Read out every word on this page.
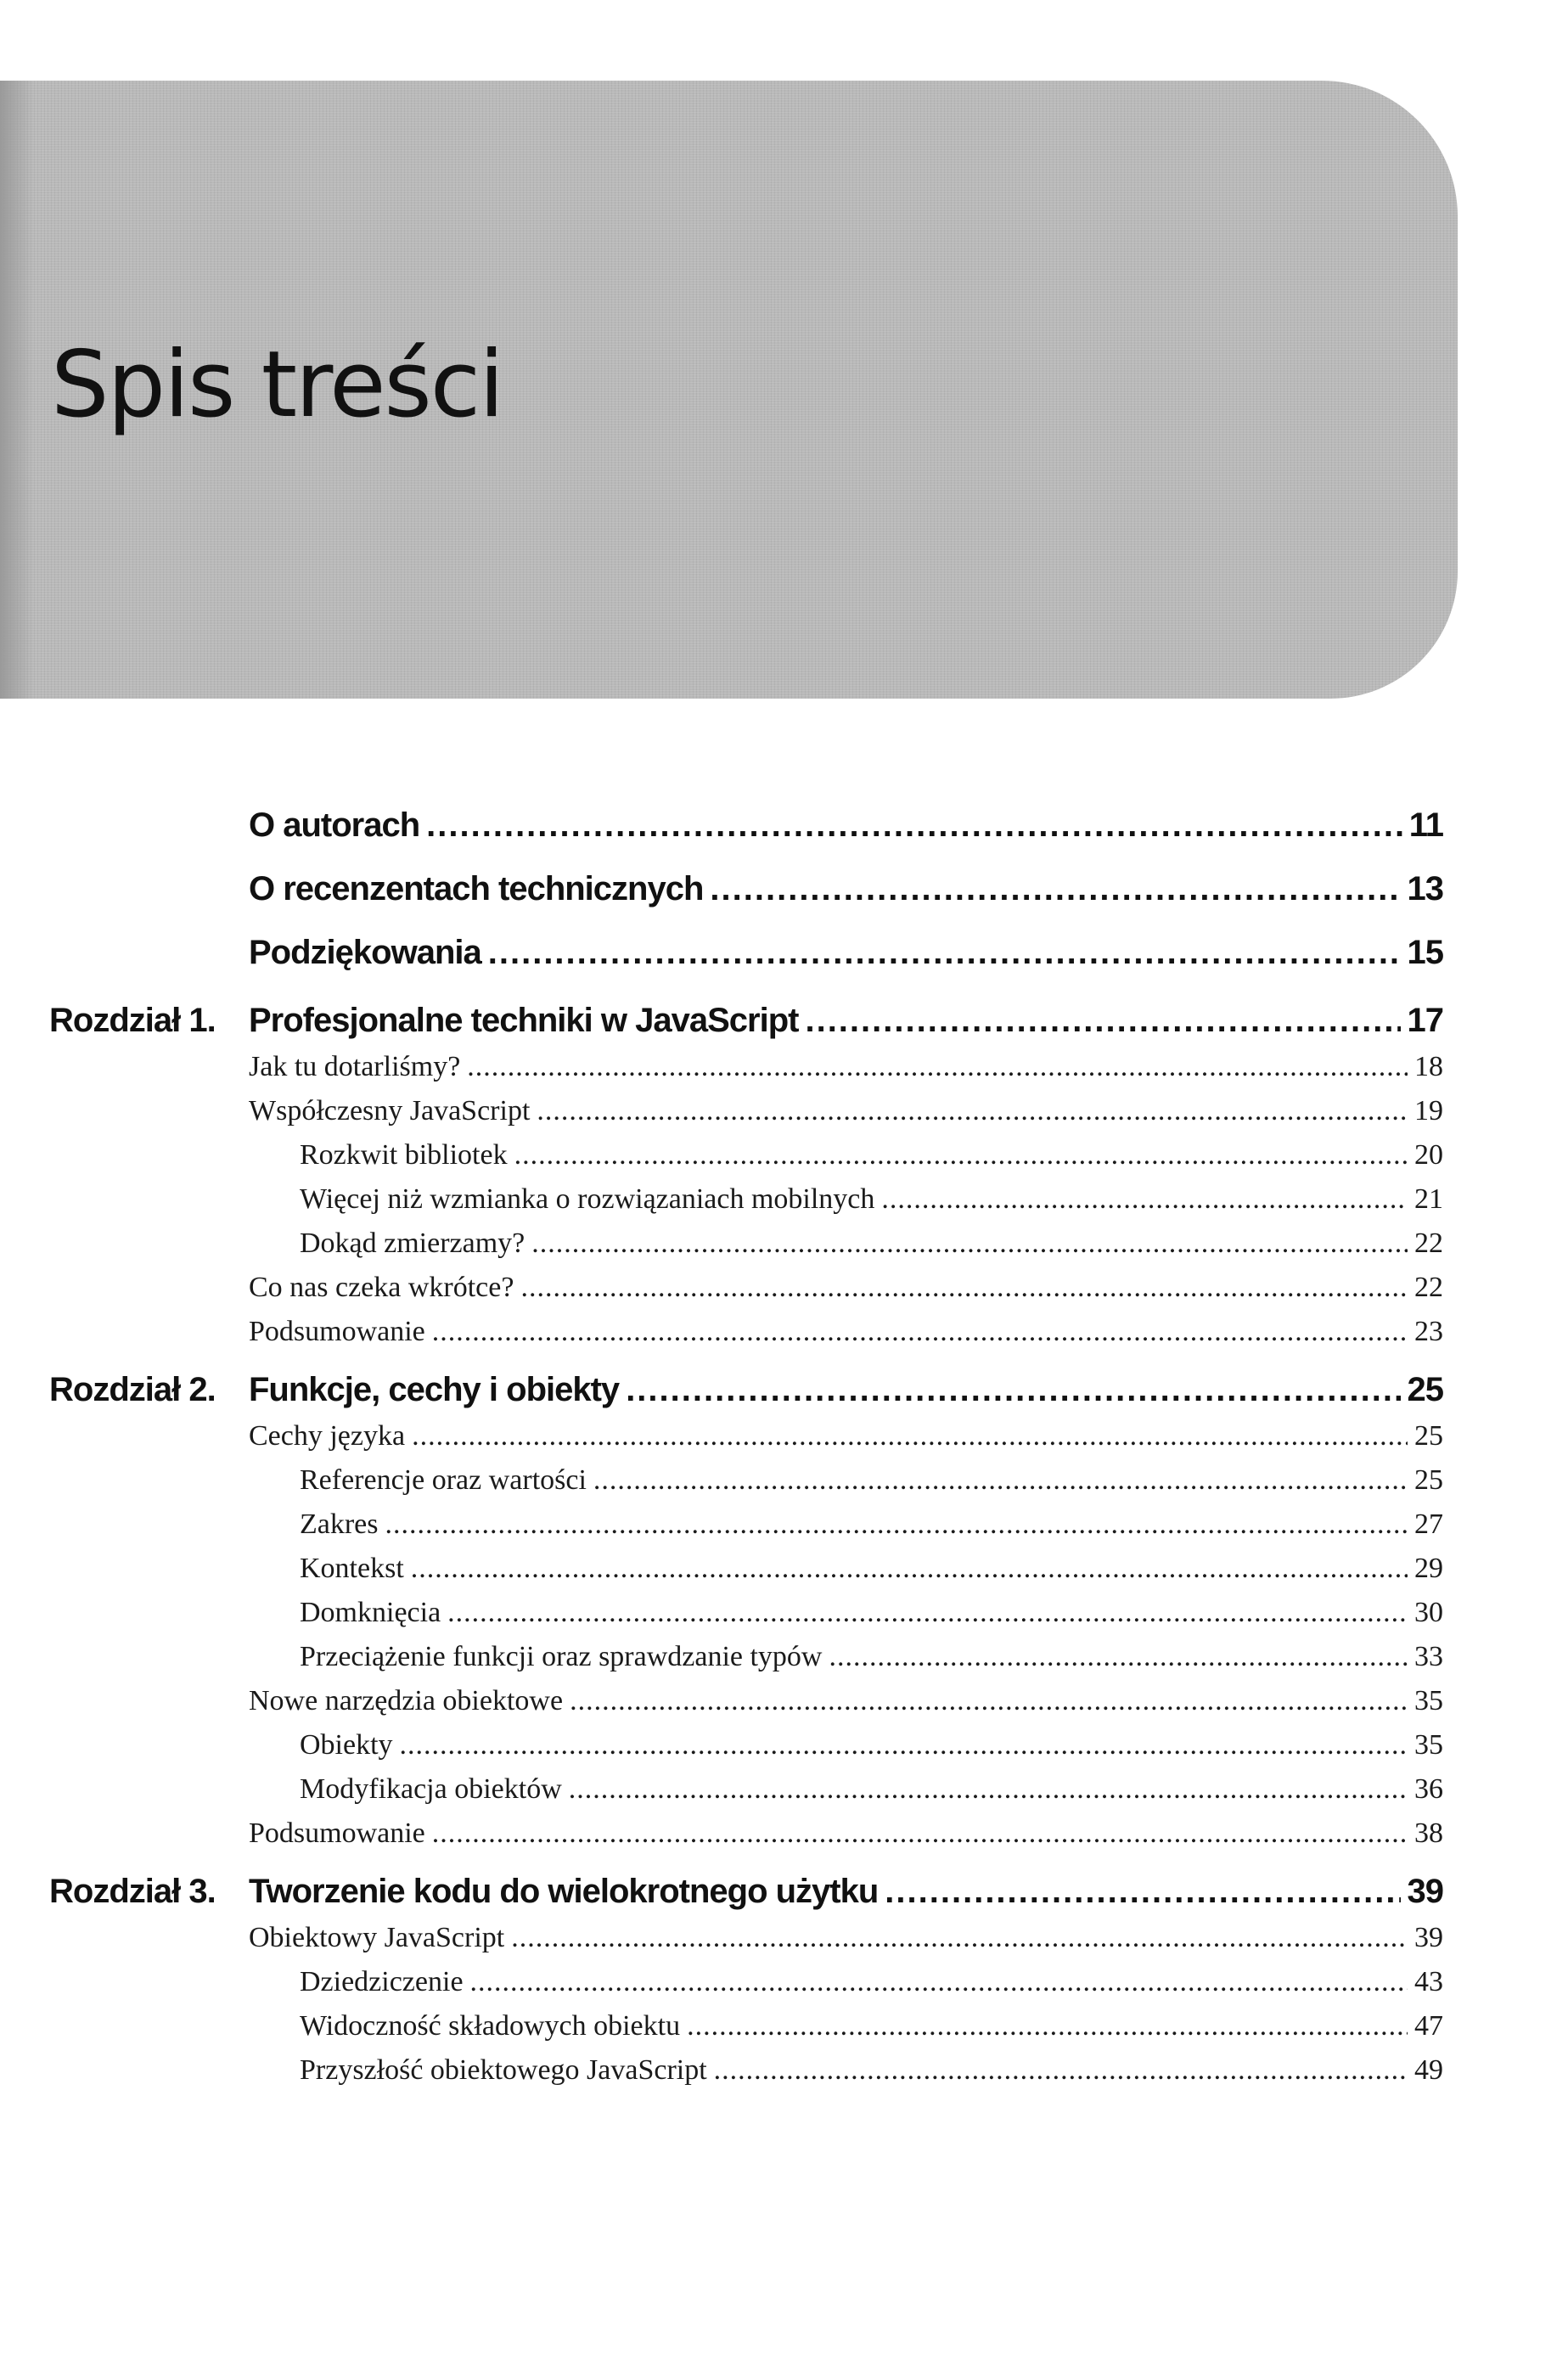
Spis treści
O autorach .....	11
O recenzentach technicznych .....	13
Podziękowania .....	15
Rozdział 1. Profesjonalne techniki w JavaScript .....	17
Jak tu dotarliśmy? .....	18
Współczesny JavaScript .....	19
Rozkwit bibliotek .....	20
Więcej niż wzmianka o rozwiązaniach mobilnych .....	21
Dokąd zmierzamy? .....	22
Co nas czeka wkrótce? .....	22
Podsumowanie .....	23
Rozdział 2. Funkcje, cechy i obiekty .....	25
Cechy języka .....	25
Referencje oraz wartości .....	25
Zakres .....	27
Kontekst .....	29
Domknięcia .....	30
Przeciążenie funkcji oraz sprawdzanie typów .....	33
Nowe narzędzia obiektowe .....	35
Obiekty .....	35
Modyfikacja obiektów .....	36
Podsumowanie .....	38
Rozdział 3. Tworzenie kodu do wielokrotnego użytku .....	39
Obiektowy JavaScript .....	39
Dziedziczenie .....	43
Widoczność składowych obiektu .....	47
Przyszłość obiektowego JavaScript .....	49
